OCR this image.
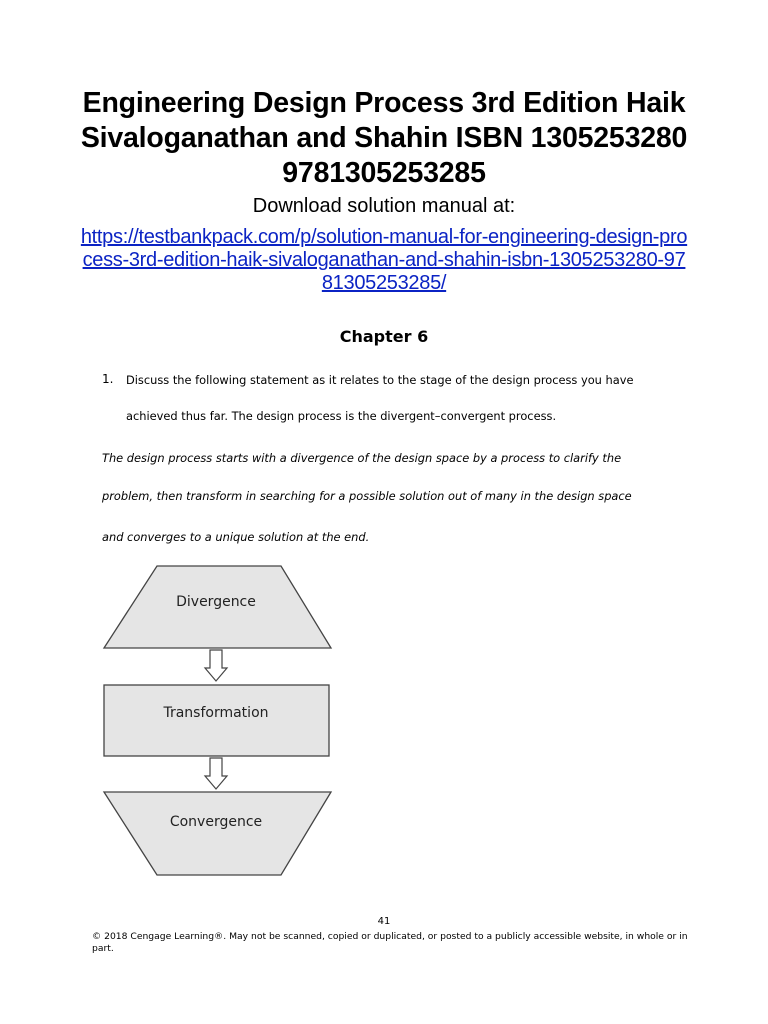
Engineering Design Process 3rd Edition Haik Sivaloganathan and Shahin ISBN 1305253280 9781305253285
Download solution manual at:
https://testbankpack.com/p/solution-manual-for-engineering-design-process-3rd-edition-haik-sivaloganathan-and-shahin-isbn-1305253280-9781305253285/
Chapter 6
1. Discuss the following statement as it relates to the stage of the design process you have
achieved thus far. The design process is the divergent–convergent process.
The design process starts with a divergence of the design space by a process to clarify the
problem, then transform in searching for a possible solution out of many in the design space
and converges to a unique solution at the end.
Divergence
Transformation
Convergence
41
© 2018 Cengage Learning®. May not be scanned, copied or duplicated, or posted to a publicly accessible website, in whole or in part.
